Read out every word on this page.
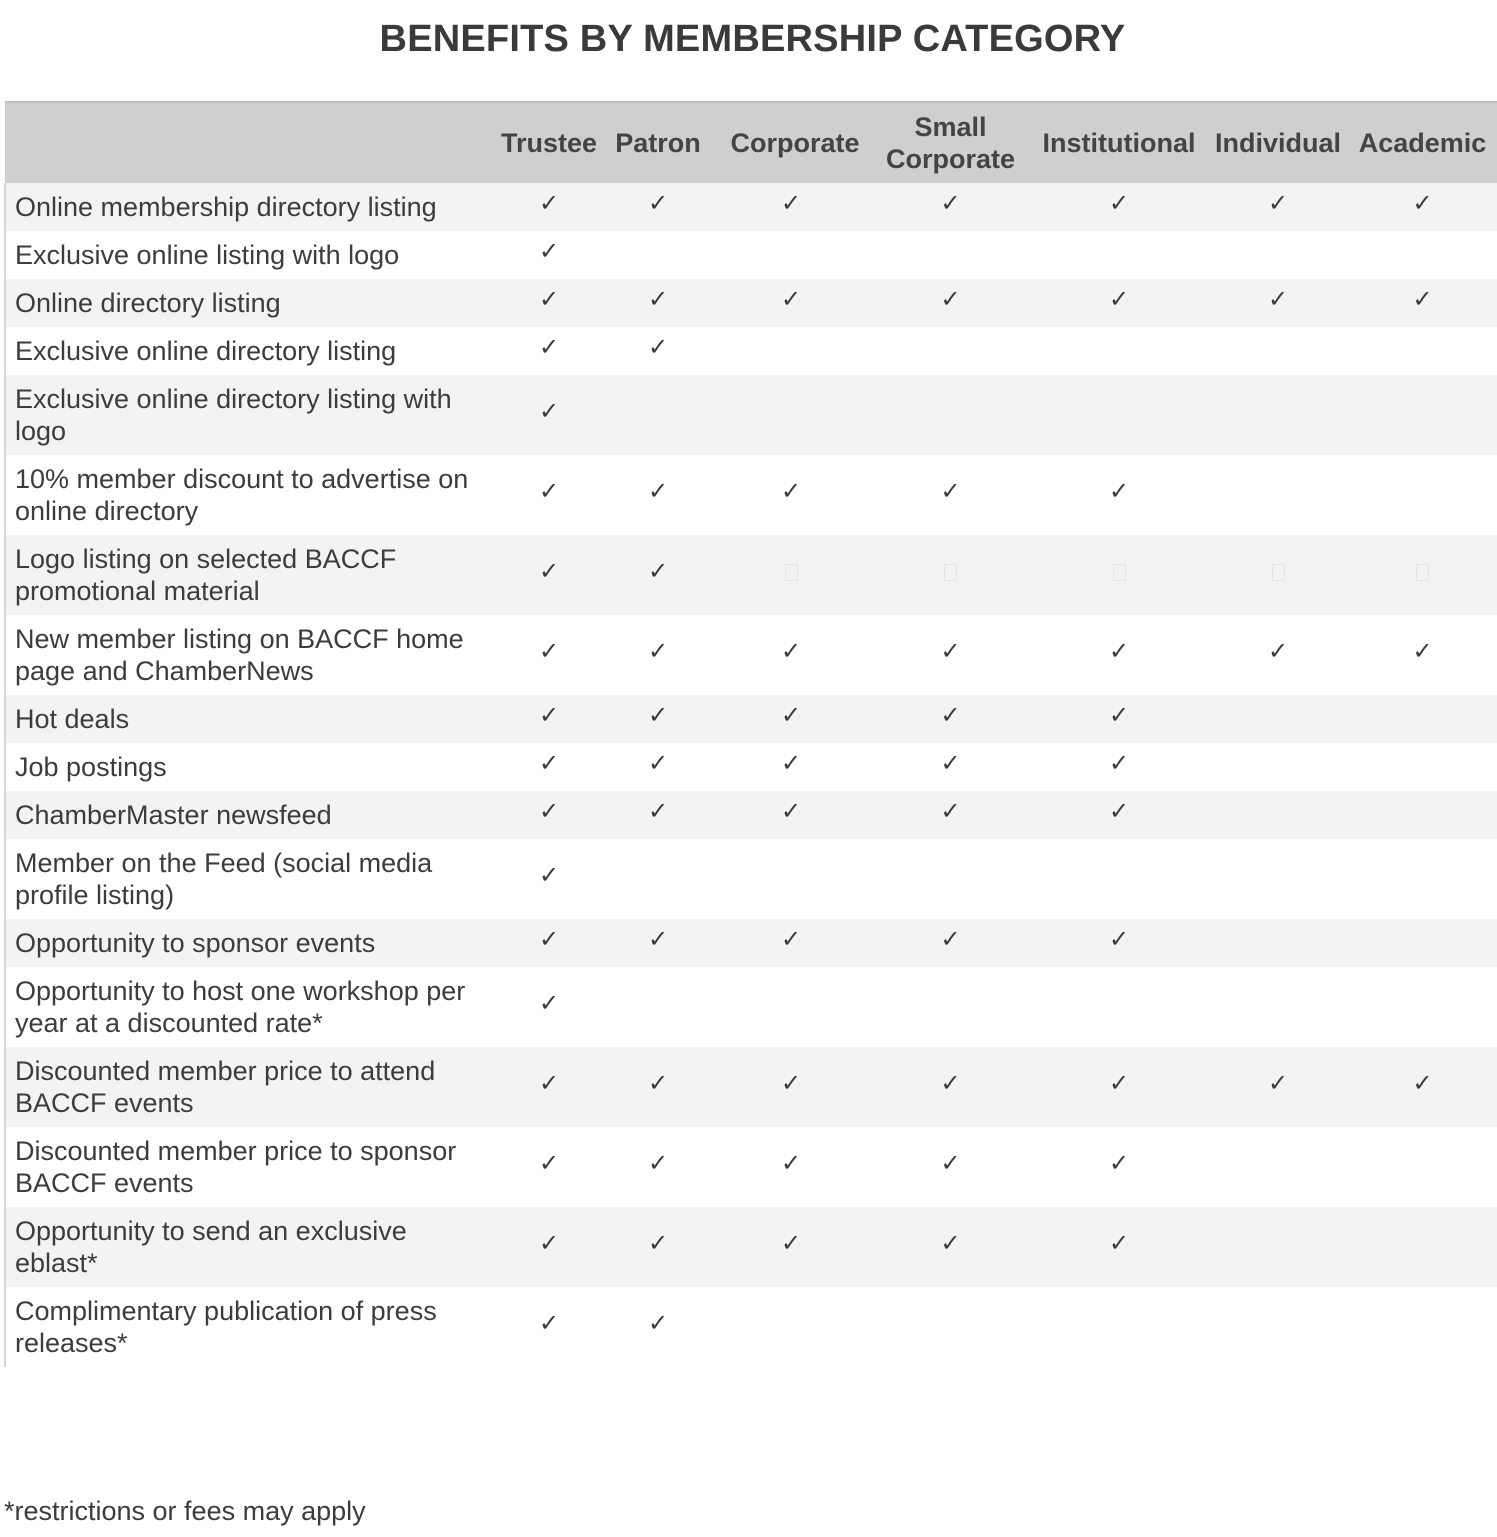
BENEFITS BY MEMBERSHIP CATEGORY
	Trustee	Patron	Corporate	Small Corporate	Institutional	Individual	Academic
Online membership directory listing	✓	✓	✓	✓	✓	✓	✓
Exclusive online listing with logo	✓						
Online directory listing	✓	✓	✓	✓	✓	✓	✓
Exclusive online directory listing	✓	✓					
Exclusive online directory listing with logo	✓						
10% member discount to advertise on online directory	✓	✓	✓	✓	✓		
Logo listing on selected BACCF promotional material	✓	✓					
New member listing on BACCF home page and ChamberNews	✓	✓	✓	✓	✓	✓	✓
Hot deals	✓	✓	✓	✓	✓		
Job postings	✓	✓	✓	✓	✓		
ChamberMaster newsfeed	✓	✓	✓	✓	✓		
Member on the Feed (social media profile listing)	✓						
Opportunity to sponsor events	✓	✓	✓	✓	✓		
Opportunity to host one workshop per year at a discounted rate*	✓						
Discounted member price to attend BACCF events	✓	✓	✓	✓	✓	✓	✓
Discounted member price to sponsor BACCF events	✓	✓	✓	✓	✓		
Opportunity to send an exclusive eblast*	✓	✓	✓	✓	✓		
Complimentary publication of press releases*	✓	✓					
*restrictions or fees may apply
